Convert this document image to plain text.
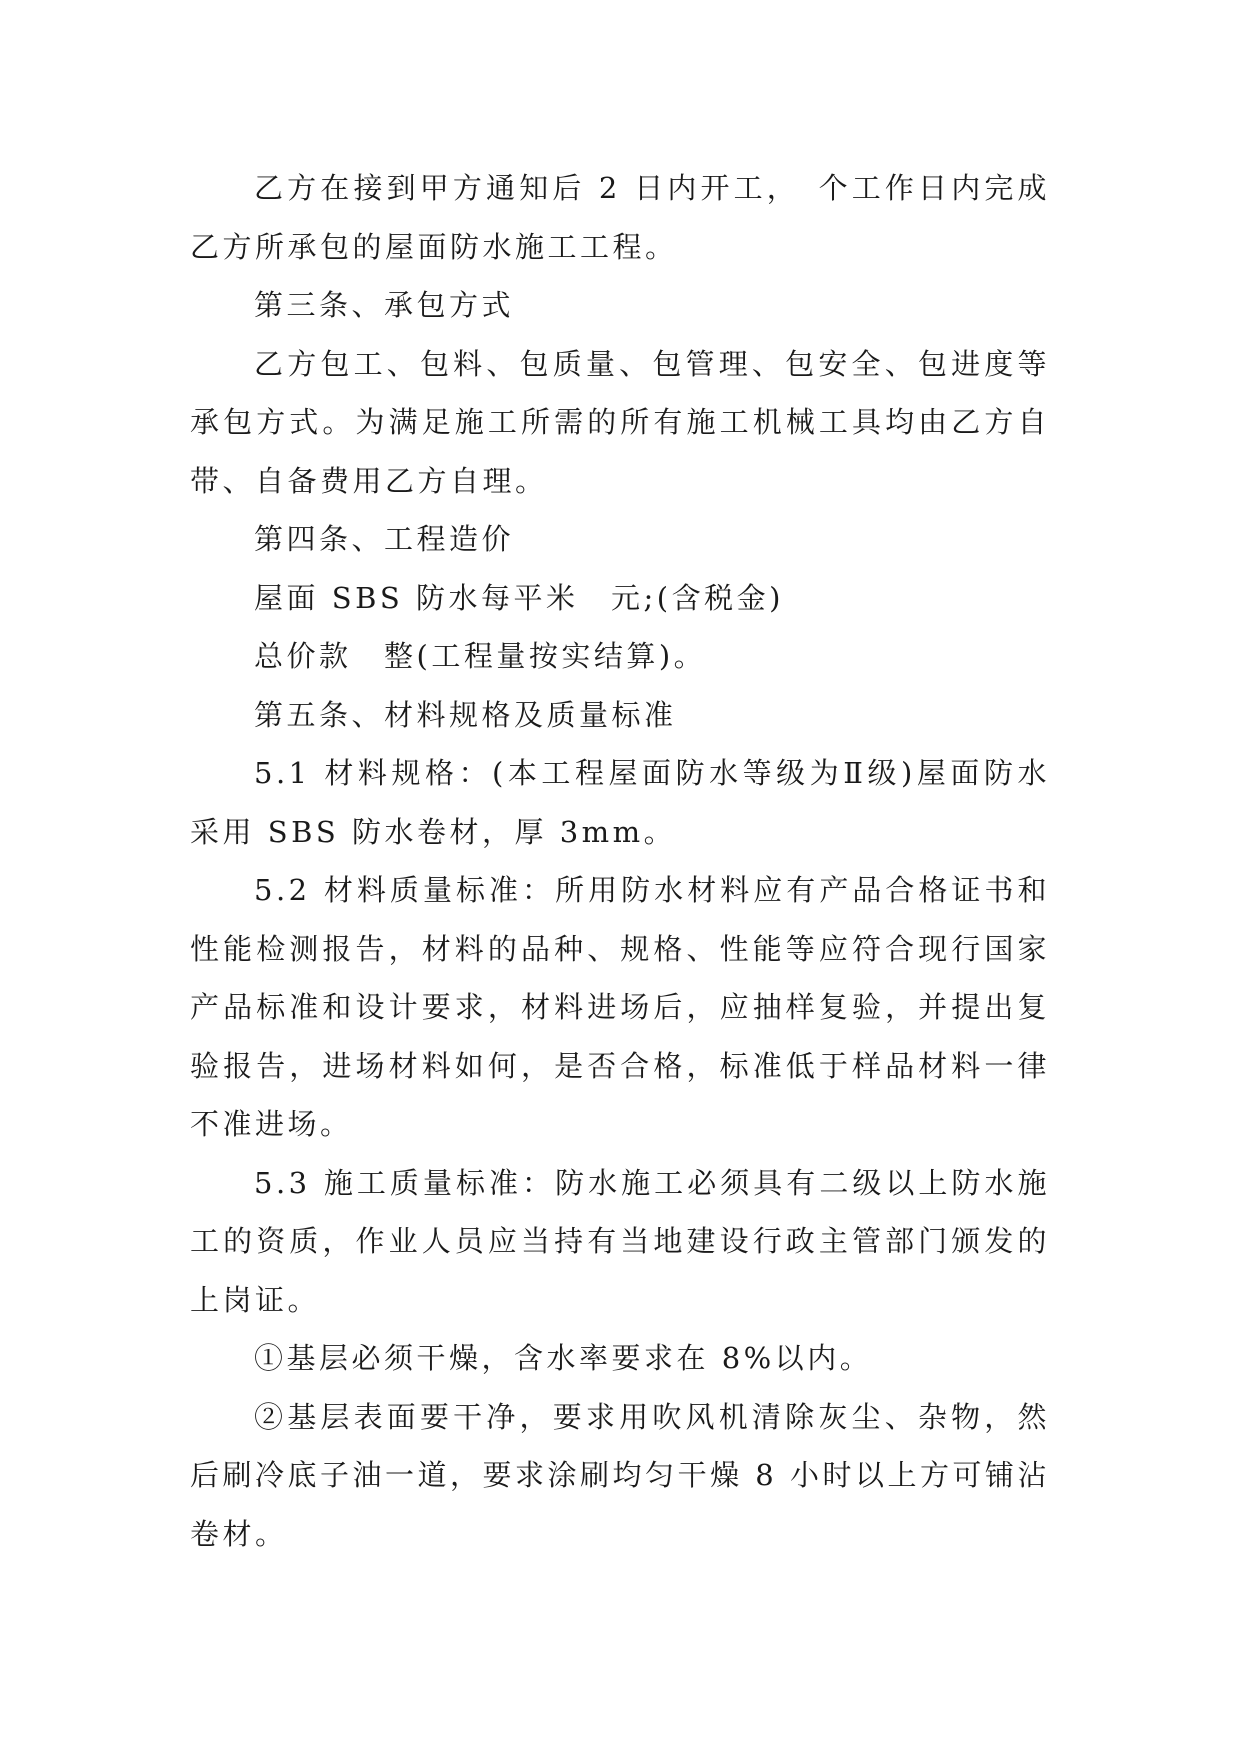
乙方在接到甲方通知后 2 日内开工，　个工作日内完成乙方所承包的屋面防水施工工程。

第三条、承包方式

乙方包工、包料、包质量、包管理、包安全、包进度等承包方式。为满足施工所需的所有施工机械工具均由乙方自带、自备费用乙方自理。

第四条、工程造价

屋面 SBS 防水每平米　元;(含税金)

总价款　整(工程量按实结算)。

第五条、材料规格及质量标准

5.1 材料规格：(本工程屋面防水等级为Ⅱ级)屋面防水采用 SBS 防水卷材，厚 3mm。

5.2 材料质量标准：所用防水材料应有产品合格证书和性能检测报告，材料的品种、规格、性能等应符合现行国家产品标准和设计要求，材料进场后，应抽样复验，并提出复验报告，进场材料如何，是否合格，标准低于样品材料一律不准进场。

5.3 施工质量标准：防水施工必须具有二级以上防水施工的资质，作业人员应当持有当地建设行政主管部门颁发的上岗证。

①基层必须干燥，含水率要求在 8%以内。

②基层表面要干净，要求用吹风机清除灰尘、杂物，然后刷冷底子油一道，要求涂刷均匀干燥 8 小时以上方可铺沾卷材。
